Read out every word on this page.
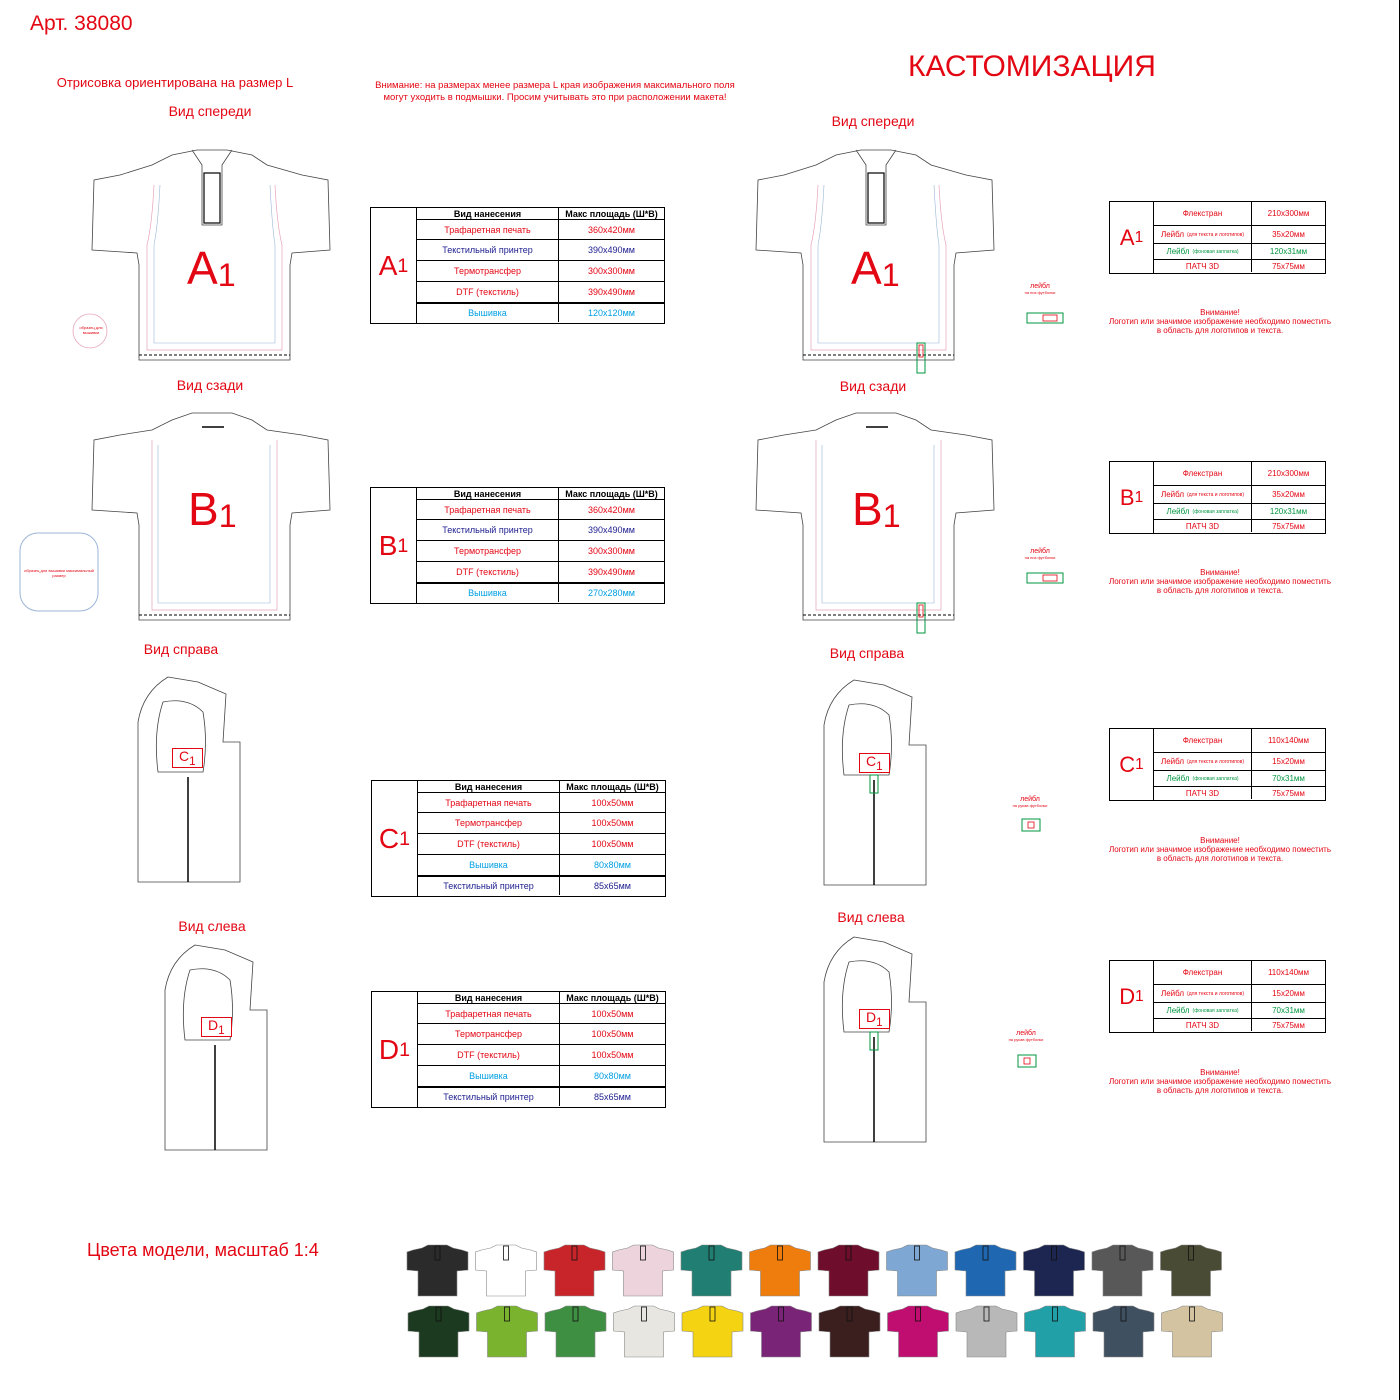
Арт. 38080
Отрисовка ориентирована на размер L	Внимание: на размерах менее размера L края изображения максимального поля
могут уходить в подмышки. Просим учитывать это при расположении макета!
КАСТОМИЗАЦИЯ
Вид спереди
Вид сзади
Вид справа
Вид слева
Вид спереди
Вид сзади
Вид справа
Вид слева
образец для вышивки
образец для вышивки максимальный размер
$A_1$
$B_1$
$C_1$
$D_1$
$A_1$
$B_1$
$C_1$
$D_1$
$A_1$
Вид нанесения	Макс площадь (Ш*В)
Трафаретная печать	360x420мм
Текстильный принтер	390x490мм
Термотрансфер	300x300мм
DTF (текстиль)	390x490мм
Вышивка	120x120мм
$B_1$
Вид нанесения	Макс площадь (Ш*В)
Трафаретная печать	360x420мм
Текстильный принтер	390x490мм
Термотрансфер	300x300мм
DTF (текстиль)	390x490мм
Вышивка	270x280мм
$C_1$
Вид нанесения	Макс площадь (Ш*В)
Трафаретная печать	100x50мм
Термотрансфер	100x50мм
DTF (текстиль)	100x50мм
Вышивка	80x80мм
Текстильный принтер	85x65мм
$D_1$
Вид нанесения	Макс площадь (Ш*В)
Трафаретная печать	100x50мм
Термотрансфер	100x50мм
DTF (текстиль)	100x50мм
Вышивка	80x80мм
Текстильный принтер	85x65мм
$A_1$
Флекстран	210x300мм
Лейбл (для текста и логотипов)	35x20мм
Лейбл (фоновая заплатка)	120x31мм
ПАТЧ 3D	75x75мм
$B_1$
Флекстран	210x300мм
Лейбл (для текста и логотипов)	35x20мм
Лейбл (фоновая заплатка)	120x31мм
ПАТЧ 3D	75x75мм
$C_1$
Флекстран	110x140мм
Лейбл (для текста и логотипов)	15x20мм
Лейбл (фоновая заплатка)	70x31мм
ПАТЧ 3D	75x75мм
$D_1$
Флекстран	110x140мм
Лейбл (для текста и логотипов)	15x20мм
Лейбл (фоновая заплатка)	70x31мм
ПАТЧ 3D	75x75мм
лейбл
на низ футболки
лейбл
на низ футболки
лейбл
на рукав футболки
лейбл
на рукав футболки
Внимание!
Логотип или значимое изображение необходимо поместить
в область для логотипов и текста.
Внимание!
Логотип или значимое изображение необходимо поместить
в область для логотипов и текста.
Внимание!
Логотип или значимое изображение необходимо поместить
в область для логотипов и текста.
Внимание!
Логотип или значимое изображение необходимо поместить
в область для логотипов и текста.
Цвета модели, масштаб 1:4
